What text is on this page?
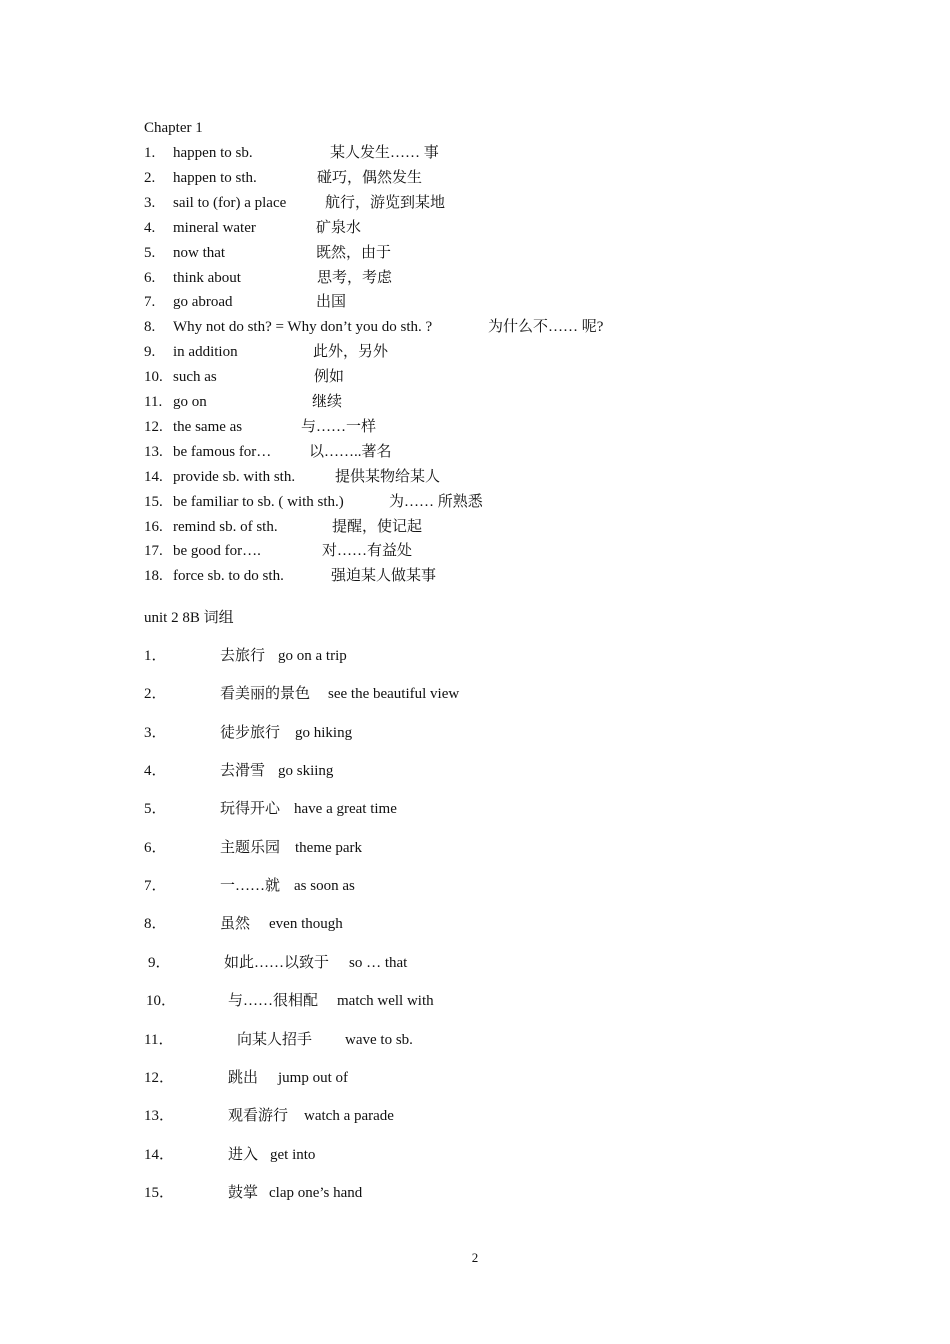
Chapter 1
1. happen to sb.	某人发生…… 事
2. happen to sth.	碰巧，偶然发生
3. sail to (for) a place	航行，游览到某地
4. mineral water	矿泉水
5. now that	既然，由于
6. think about	思考，考虑
7. go abroad	出国
8. Why not do sth? = Why don’t you do sth. ?	为什么不…… 呢?
9. in addition	此外，另外
10. such as	例如
11. go on	继续
12. the same as	与……一样
13. be famous for…	以……..著名
14. provide sb. with sth.	提供某物给某人
15. be familiar to sb. ( with sth.)	为…… 所熟悉
16. remind sb. of sth.	提醒，使记起
17. be good for….	对……有益处
18. force sb. to do sth.	强迫某人做某事
unit 2 8B 词组
1．	去旅行 go on a trip
2．	看美丽的景色 see the beautiful view
3．	徒步旅行 go hiking
4．	去滑雪 go skiing
5．	玩得开心 have a great time
6．	主题乐园 theme park
7．	一……就 as soon as
8．	虽然 even though
9．	如此……以致于 so … that
10．	与……很相配 match well with
11．	向某人招手 wave to sb.
12．	跳出 jump out of
13．	观看游行 watch a parade
14．	进入 get into
15．	鼓掌 clap one’s hand
2
